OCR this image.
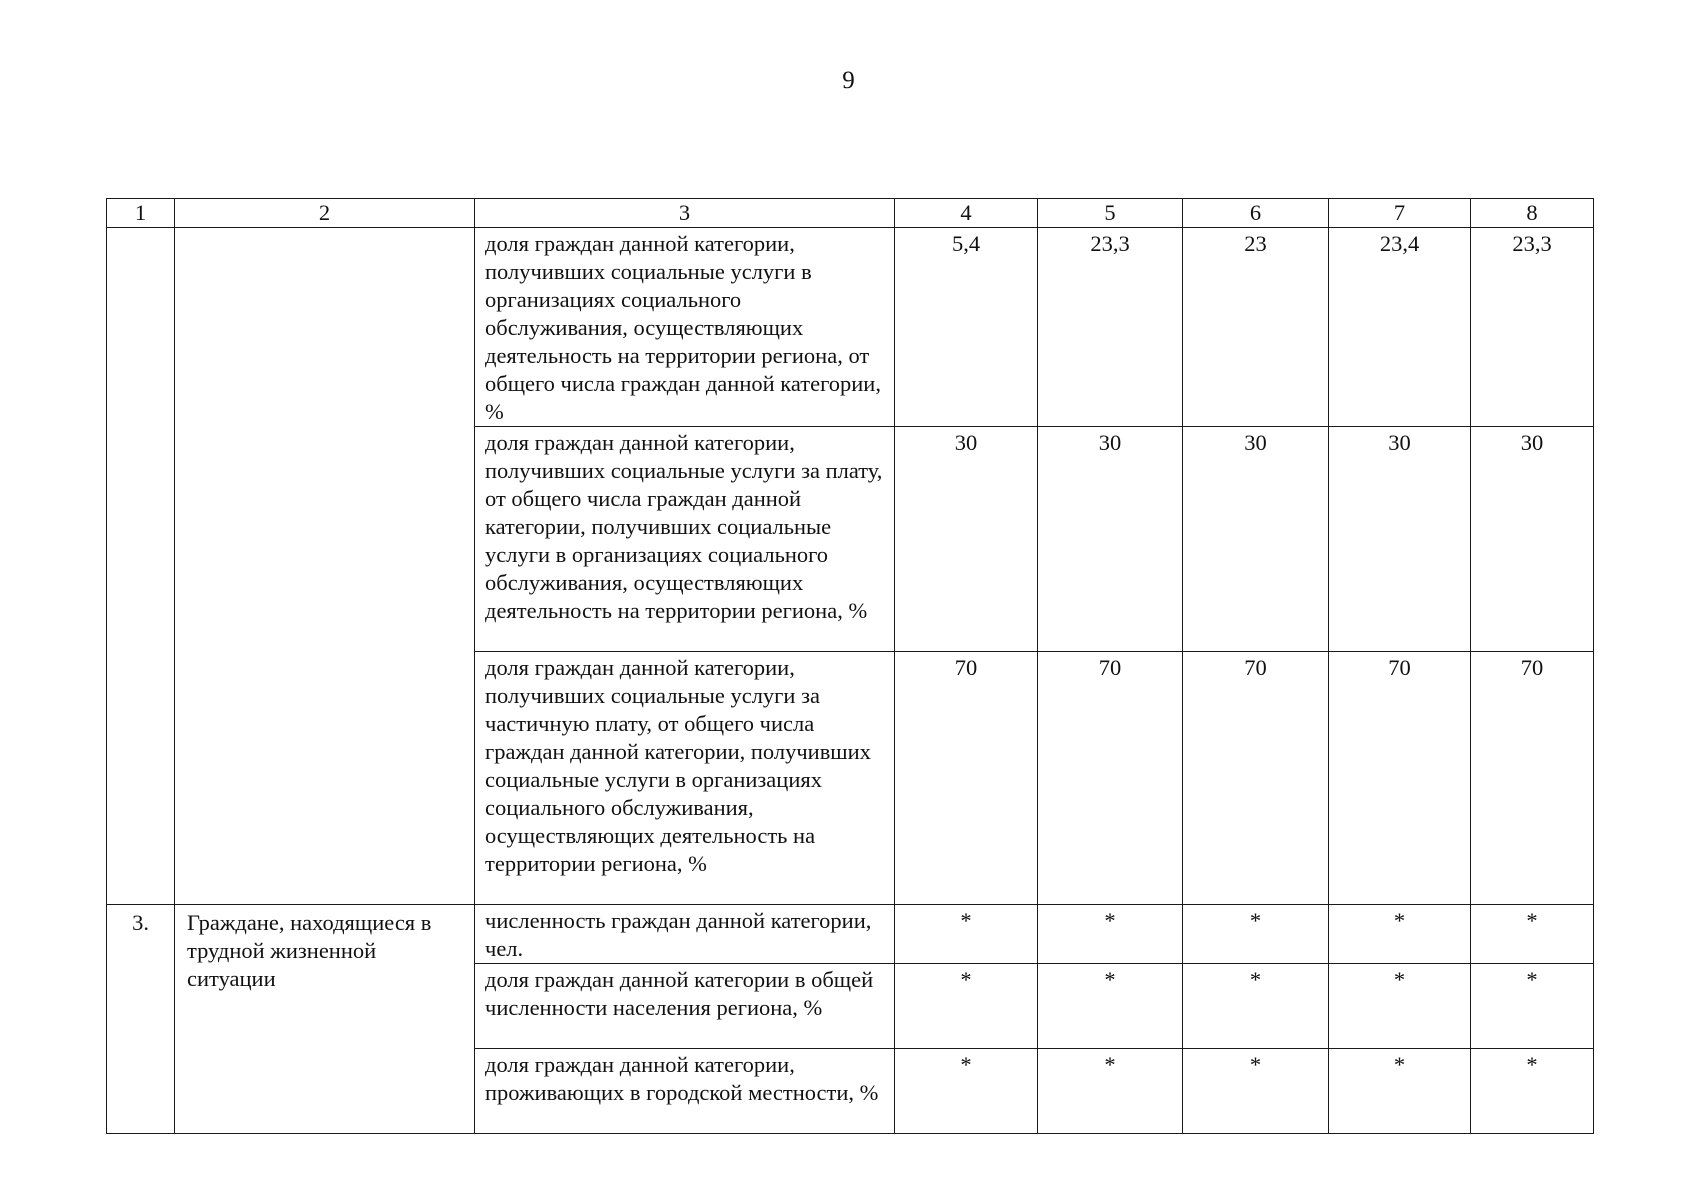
9
1	2	3	4	5	6	7	8
		доля граждан данной категории, получивших социальные услуги в организациях социального обслуживания, осуществляющих деятельность на территории региона, от общего числа граждан данной категории, %	5,4	23,3	23	23,4	23,3
		доля граждан данной категории, получивших социальные услуги за плату, от общего числа граждан данной категории, получивших социальные услуги в организациях социального обслуживания, осуществляющих деятельность на территории региона, %	30	30	30	30	30
		доля граждан данной категории, получивших социальные услуги за частичную плату, от общего числа граждан данной категории, получивших социальные услуги в организациях социального обслуживания, осуществляющих деятельность на территории региона, %	70	70	70	70	70
3.	Граждане, находящиеся в трудной жизненной ситуации	численность граждан данной категории, чел.	*	*	*	*	*
		доля граждан данной категории в общей численности населения региона, %	*	*	*	*	*
		доля граждан данной категории, проживающих в городской местности, %	*	*	*	*	*
